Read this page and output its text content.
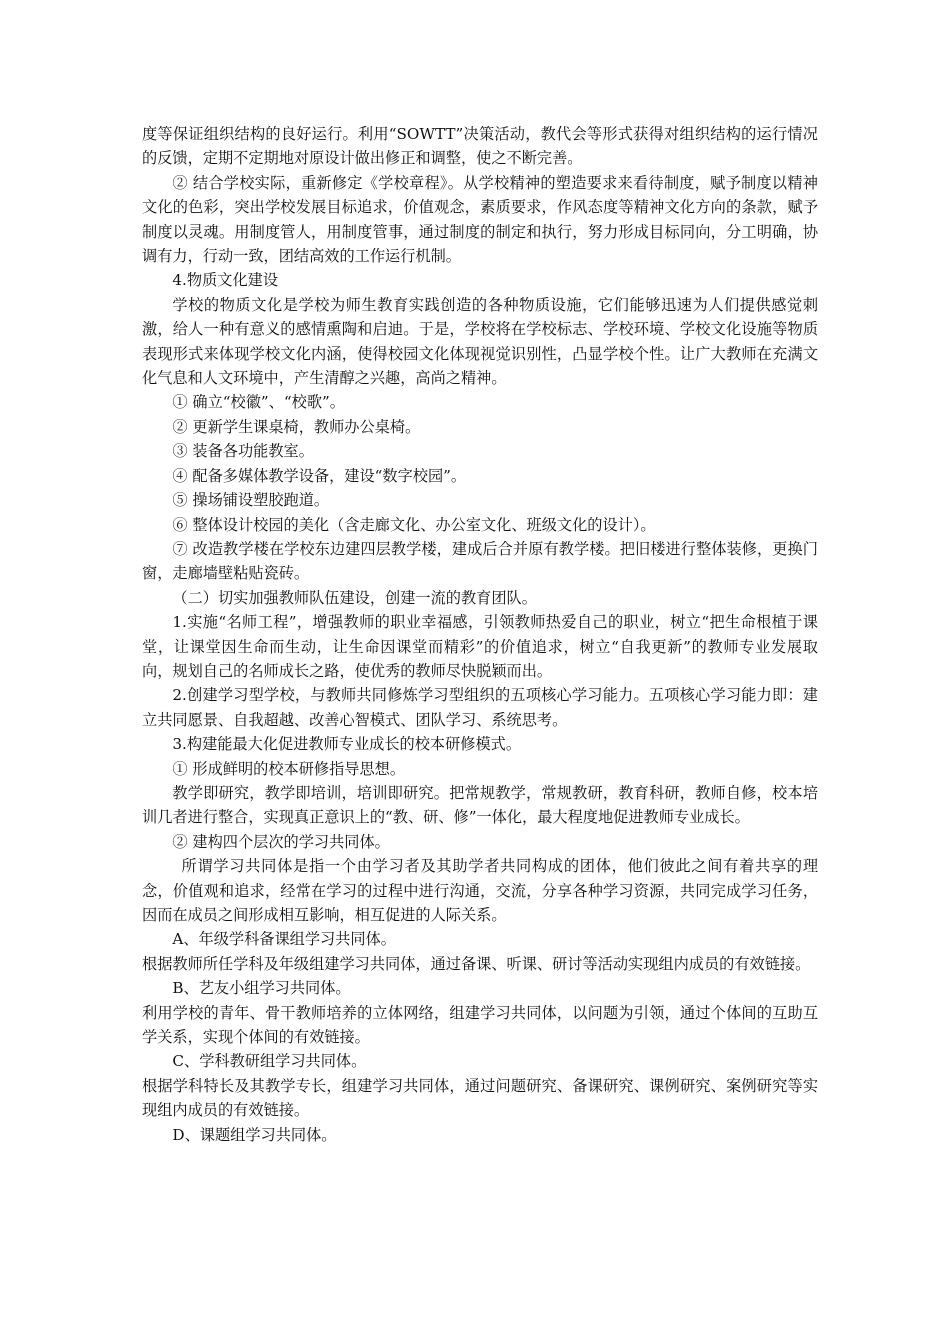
度等保证组织结构的良好运行。利用“SOWTT”决策活动，教代会等形式获得对组织结构的运行情况的反馈，定期不定期地对原设计做出修正和调整，使之不断完善。

② 结合学校实际，重新修定《学校章程》。从学校精神的塑造要求来看待制度，赋予制度以精神文化的色彩，突出学校发展目标追求，价值观念，素质要求，作风态度等精神文化方向的条款，赋予制度以灵魂。用制度管人，用制度管事，通过制度的制定和执行，努力形成目标同向，分工明确，协调有力，行动一致，团结高效的工作运行机制。

4.物质文化建设

学校的物质文化是学校为师生教育实践创造的各种物质设施，它们能够迅速为人们提供感觉刺激，给人一种有意义的感情熏陶和启迪。于是，学校将在学校标志、学校环境、学校文化设施等物质表现形式来体现学校文化内涵，使得校园文化体现视觉识别性，凸显学校个性。让广大教师在充满文化气息和人文环境中，产生清醇之兴趣，高尚之精神。

① 确立“校徽”、“校歌”。

② 更新学生课桌椅，教师办公桌椅。

③ 装备各功能教室。

④ 配备多媒体教学设备，建设“数字校园”。

⑤ 操场铺设塑胶跑道。

⑥ 整体设计校园的美化（含走廊文化、办公室文化、班级文化的设计）。

⑦ 改造教学楼在学校东边建四层教学楼，建成后合并原有教学楼。把旧楼进行整体装修，更换门窗，走廊墙壁粘贴瓷砖。

（二）切实加强教师队伍建设，创建一流的教育团队。

1.实施“名师工程”，增强教师的职业幸福感，引领教师热爱自己的职业，树立“把生命根植于课堂，让课堂因生命而生动，让生命因课堂而精彩”的价值追求，树立“自我更新”的教师专业发展取向，规划自己的名师成长之路，使优秀的教师尽快脱颖而出。

2.创建学习型学校，与教师共同修炼学习型组织的五项核心学习能力。五项核心学习能力即：建立共同愿景、自我超越、改善心智模式、团队学习、系统思考。

3.构建能最大化促进教师专业成长的校本研修模式。

① 形成鲜明的校本研修指导思想。

教学即研究，教学即培训，培训即研究。把常规教学，常规教研，教育科研，教师自修，校本培训几者进行整合，实现真正意识上的“教、研、修”一体化，最大程度地促进教师专业成长。

② 建构四个层次的学习共同体。

所谓学习共同体是指一个由学习者及其助学者共同构成的团体，他们彼此之间有着共享的理念，价值观和追求，经常在学习的过程中进行沟通，交流，分享各种学习资源，共同完成学习任务，因而在成员之间形成相互影响，相互促进的人际关系。

A、年级学科备课组学习共同体。

根据教师所任学科及年级组建学习共同体，通过备课、听课、研讨等活动实现组内成员的有效链接。

B、艺友小组学习共同体。

利用学校的青年、骨干教师培养的立体网络，组建学习共同体，以问题为引领，通过个体间的互助互学关系，实现个体间的有效链接。

C、学科教研组学习共同体。

根据学科特长及其教学专长，组建学习共同体，通过问题研究、备课研究、课例研究、案例研究等实现组内成员的有效链接。

D、课题组学习共同体。
